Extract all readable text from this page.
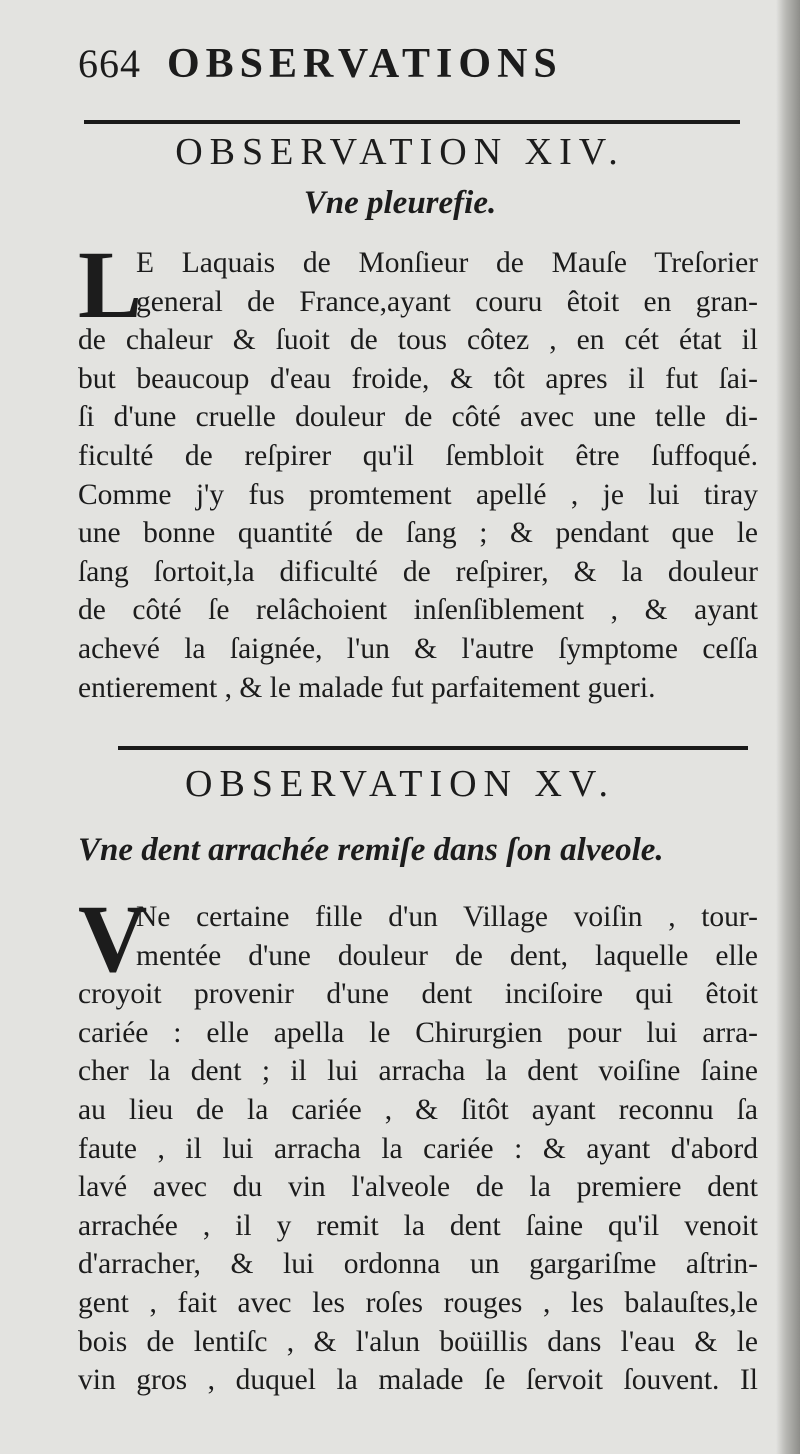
664 OBSERVATIONS
OBSERVATION XIV.
Vne pleurefie.
L
E Laquais de Monſieur de Mauſe Treſorier
general de France,ayant couru êtoit en gran-
de chaleur & ſuoit de tous côtez , en cét état il
but beaucoup d'eau froide, & tôt apres il fut ſai-
ſi d'une cruelle douleur de côté avec une telle di-
ficulté de reſpirer qu'il ſembloit être ſuffoqué.
Comme j'y fus promtement apellé , je lui tiray
une bonne quantité de ſang ; & pendant que le
ſang ſortoit,la dificulté de reſpirer, & la douleur
de côté ſe relâchoient inſenſiblement , & ayant
achevé la ſaignée, l'un & l'autre ſymptome ceſſa
entierement , & le malade fut parfaitement gueri.
OBSERVATION XV.
Vne dent arrachée remiſe dans ſon alveole.
V
Ne certaine fille d'un Village voiſin , tour-
mentée d'une douleur de dent, laquelle elle
croyoit provenir d'une dent inciſoire qui êtoit
cariée : elle apella le Chirurgien pour lui arra-
cher la dent ; il lui arracha la dent voiſine ſaine
au lieu de la cariée , & ſitôt ayant reconnu ſa
faute , il lui arracha la cariée : & ayant d'abord
lavé avec du vin l'alveole de la premiere dent
arrachée , il y remit la dent ſaine qu'il venoit
d'arracher, & lui ordonna un gargariſme aſtrin-
gent , fait avec les roſes rouges , les balauſtes,le
bois de lentiſc , & l'alun boüillis dans l'eau & le
vin gros , duquel la malade ſe ſervoit ſouvent. Il
